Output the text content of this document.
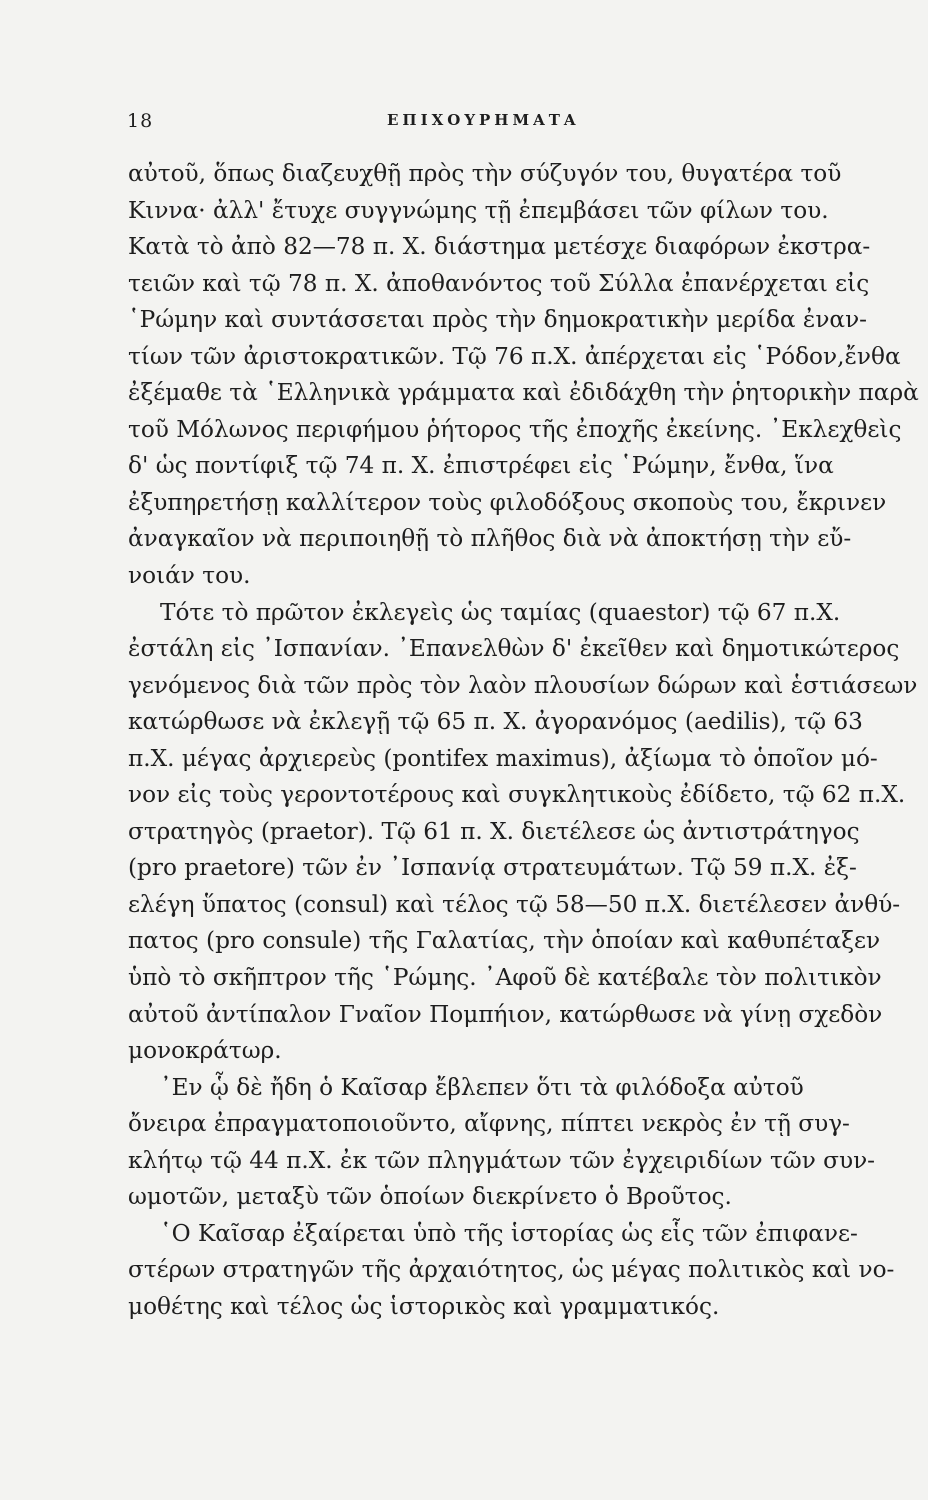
18	ΕΠΙΧΟΥΡΗΜΑΤΑ
αὐτοῦ, ὅπως διαζευχθῇ πρὸς τὴν σύζυγόν του, θυγατέρα τοῦ
Κιννα· ἀλλ' ἔτυχε συγγνώμης τῇ ἐπεμβάσει τῶν φίλων του.
Κατὰ τὸ ἀπὸ 82—78 π. Χ. διάστημα μετέσχε διαφόρων ἐκστρα-
τειῶν καὶ τῷ 78 π. Χ. ἀποθανόντος τοῦ Σύλλα ἐπανέρχεται εἰς
῾Ρώμην καὶ συντάσσεται πρὸς τὴν δημοκρατικὴν μερίδα ἐναν-
τίων τῶν ἀριστοκρατικῶν. Τῷ 76 π.Χ. ἀπέρχεται εἰς ῾Ρόδον,ἔνθα
ἐξέμαθε τὰ ῾Ελληνικὰ γράμματα καὶ ἐδιδάχθη τὴν ῥητορικὴν παρὰ
τοῦ Μόλωνος περιφήμου ῥήτορος τῆς ἐποχῆς ἐκείνης. ᾿Εκλεχθεὶς
δ' ὡς ποντίφιξ τῷ 74 π. Χ. ἐπιστρέφει εἰς ῾Ρώμην, ἔνθα, ἵνα
ἐξυπηρετήσῃ καλλίτερον τοὺς φιλοδόξους σκοποὺς του, ἔκρινεν
ἀναγκαῖον νὰ περιποιηθῇ τὸ πλῆθος διὰ νὰ ἀποκτήσῃ τὴν εὔ-
νοιάν του.
Τότε τὸ πρῶτον ἐκλεγεὶς ὡς ταμίας (quaestor) τῷ 67 π.Χ.
ἐστάλη εἰς ᾿Ισπανίαν. ᾿Επανελθὼν δ' ἐκεῖθεν καὶ δημοτικώτερος
γενόμενος διὰ τῶν πρὸς τὸν λαὸν πλουσίων δώρων καὶ ἑστιάσεων
κατώρθωσε νὰ ἐκλεγῇ τῷ 65 π. Χ. ἀγορανόμος (aedilis), τῷ 63
π.Χ. μέγας ἀρχιερεὺς (pontifex maximus), ἀξίωμα τὸ ὁποῖον μό-
νον εἰς τοὺς γεροντοτέρους καὶ συγκλητικοὺς ἐδίδετο, τῷ 62 π.Χ.
στρατηγὸς (praetor). Τῷ 61 π. Χ. διετέλεσε ὡς ἀντιστράτηγος
(pro praetore) τῶν ἐν ᾿Ισπανίᾳ στρατευμάτων. Τῷ 59 π.Χ. ἐξ-
ελέγη ὕπατος (consul) καὶ τέλος τῷ 58—50 π.Χ. διετέλεσεν ἀνθύ-
πατος (pro consule) τῆς Γαλατίας, τὴν ὁποίαν καὶ καθυπέταξεν
ὑπὸ τὸ σκῆπτρον τῆς ῾Ρώμης. ᾿Αφοῦ δὲ κατέβαλε τὸν πολιτικὸν
αὐτοῦ ἀντίπαλον Γναῖον Πομπήιον, κατώρθωσε νὰ γίνῃ σχεδὸν
μονοκράτωρ.
᾿Εν ᾧ δὲ ἤδη ὁ Καῖσαρ ἔβλεπεν ὅτι τὰ φιλόδοξα αὐτοῦ
ὄνειρα ἐπραγματοποιοῦντο, αἴφνης, πίπτει νεκρὸς ἐν τῇ συγ-
κλήτῳ τῷ 44 π.Χ. ἐκ τῶν πληγμάτων τῶν ἐγχειριδίων τῶν συν-
ωμοτῶν, μεταξὺ τῶν ὁποίων διεκρίνετο ὁ Βροῦτος.
῾Ο Καῖσαρ ἐξαίρεται ὑπὸ τῆς ἱστορίας ὡς εἷς τῶν ἐπιφανε-
στέρων στρατηγῶν τῆς ἀρχαιότητος, ὡς μέγας πολιτικὸς καὶ νο-
μοθέτης καὶ τέλος ὡς ἱστορικὸς καὶ γραμματικός.
